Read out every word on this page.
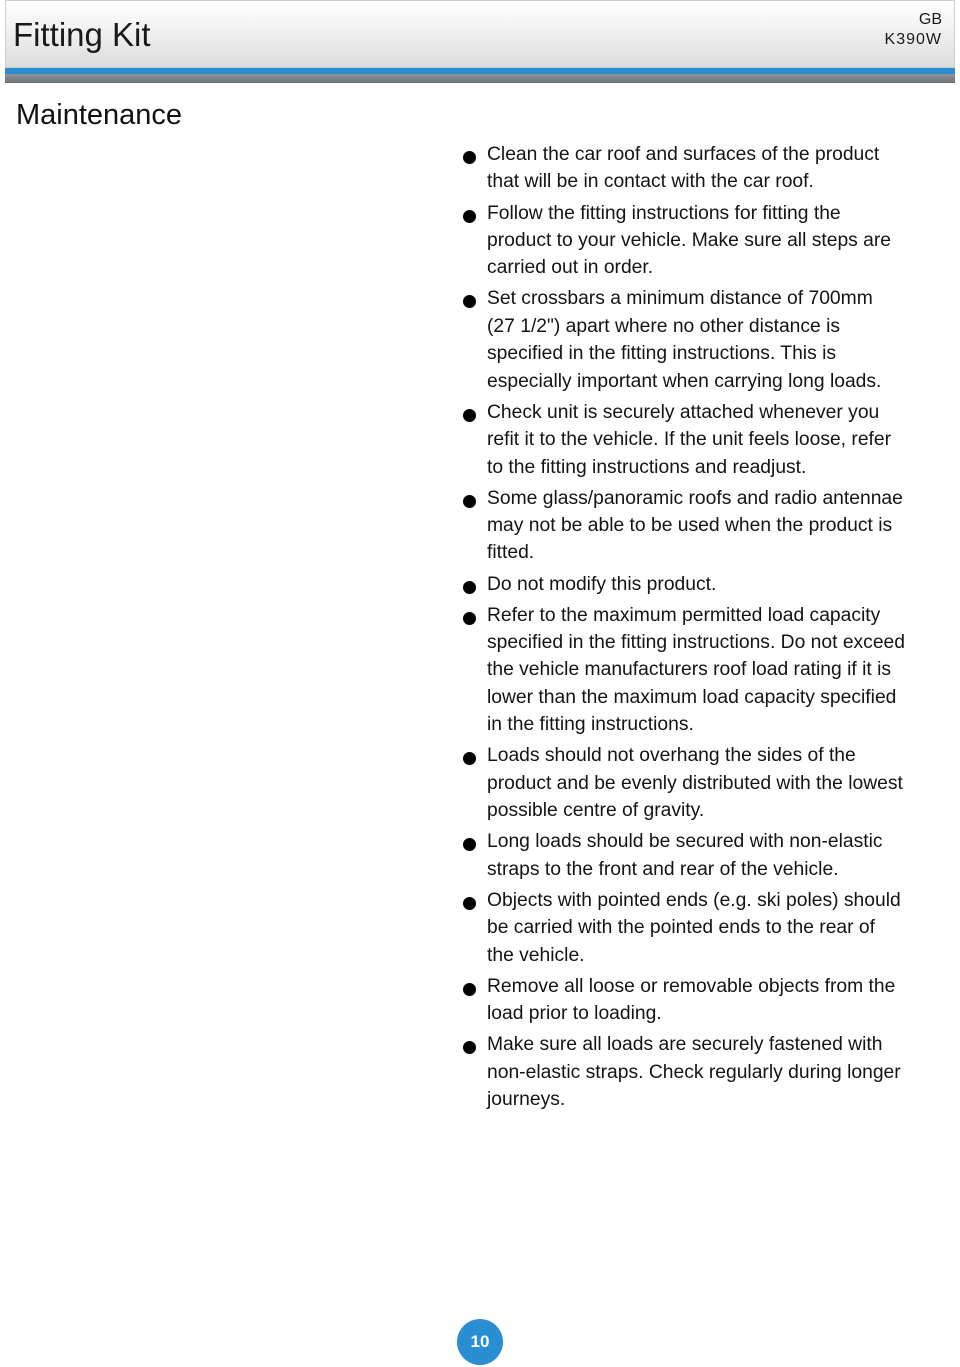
Fitting Kit	GB
K390W
Maintenance
Clean the car roof and surfaces of the product that will be in contact with the car roof.
Follow the fitting instructions for fitting the product to your vehicle. Make sure all steps are carried out in order.
Set crossbars a minimum distance of 700mm (27 1/2") apart where no other distance is specified in the fitting instructions. This is especially important when carrying long loads.
Check unit is securely attached whenever you refit it to the vehicle. If the unit feels loose, refer to the fitting instructions and readjust.
Some glass/panoramic roofs and radio antennae may not be able to be used when the product is fitted.
Do not modify this product.
Refer to the maximum permitted load capacity specified in the fitting instructions. Do not exceed the vehicle manufacturers roof load rating if it is lower than the maximum load capacity specified in the fitting instructions.
Loads should not overhang the sides of the product and be evenly distributed with the lowest possible centre of gravity.
Long loads should be secured with non-elastic straps to the front and rear of the vehicle.
Objects with pointed ends (e.g. ski poles) should be carried with the pointed ends to the rear of the vehicle.
Remove all loose or removable objects from the load prior to loading.
Make sure all loads are securely fastened with non-elastic straps. Check regularly during longer journeys.
10
